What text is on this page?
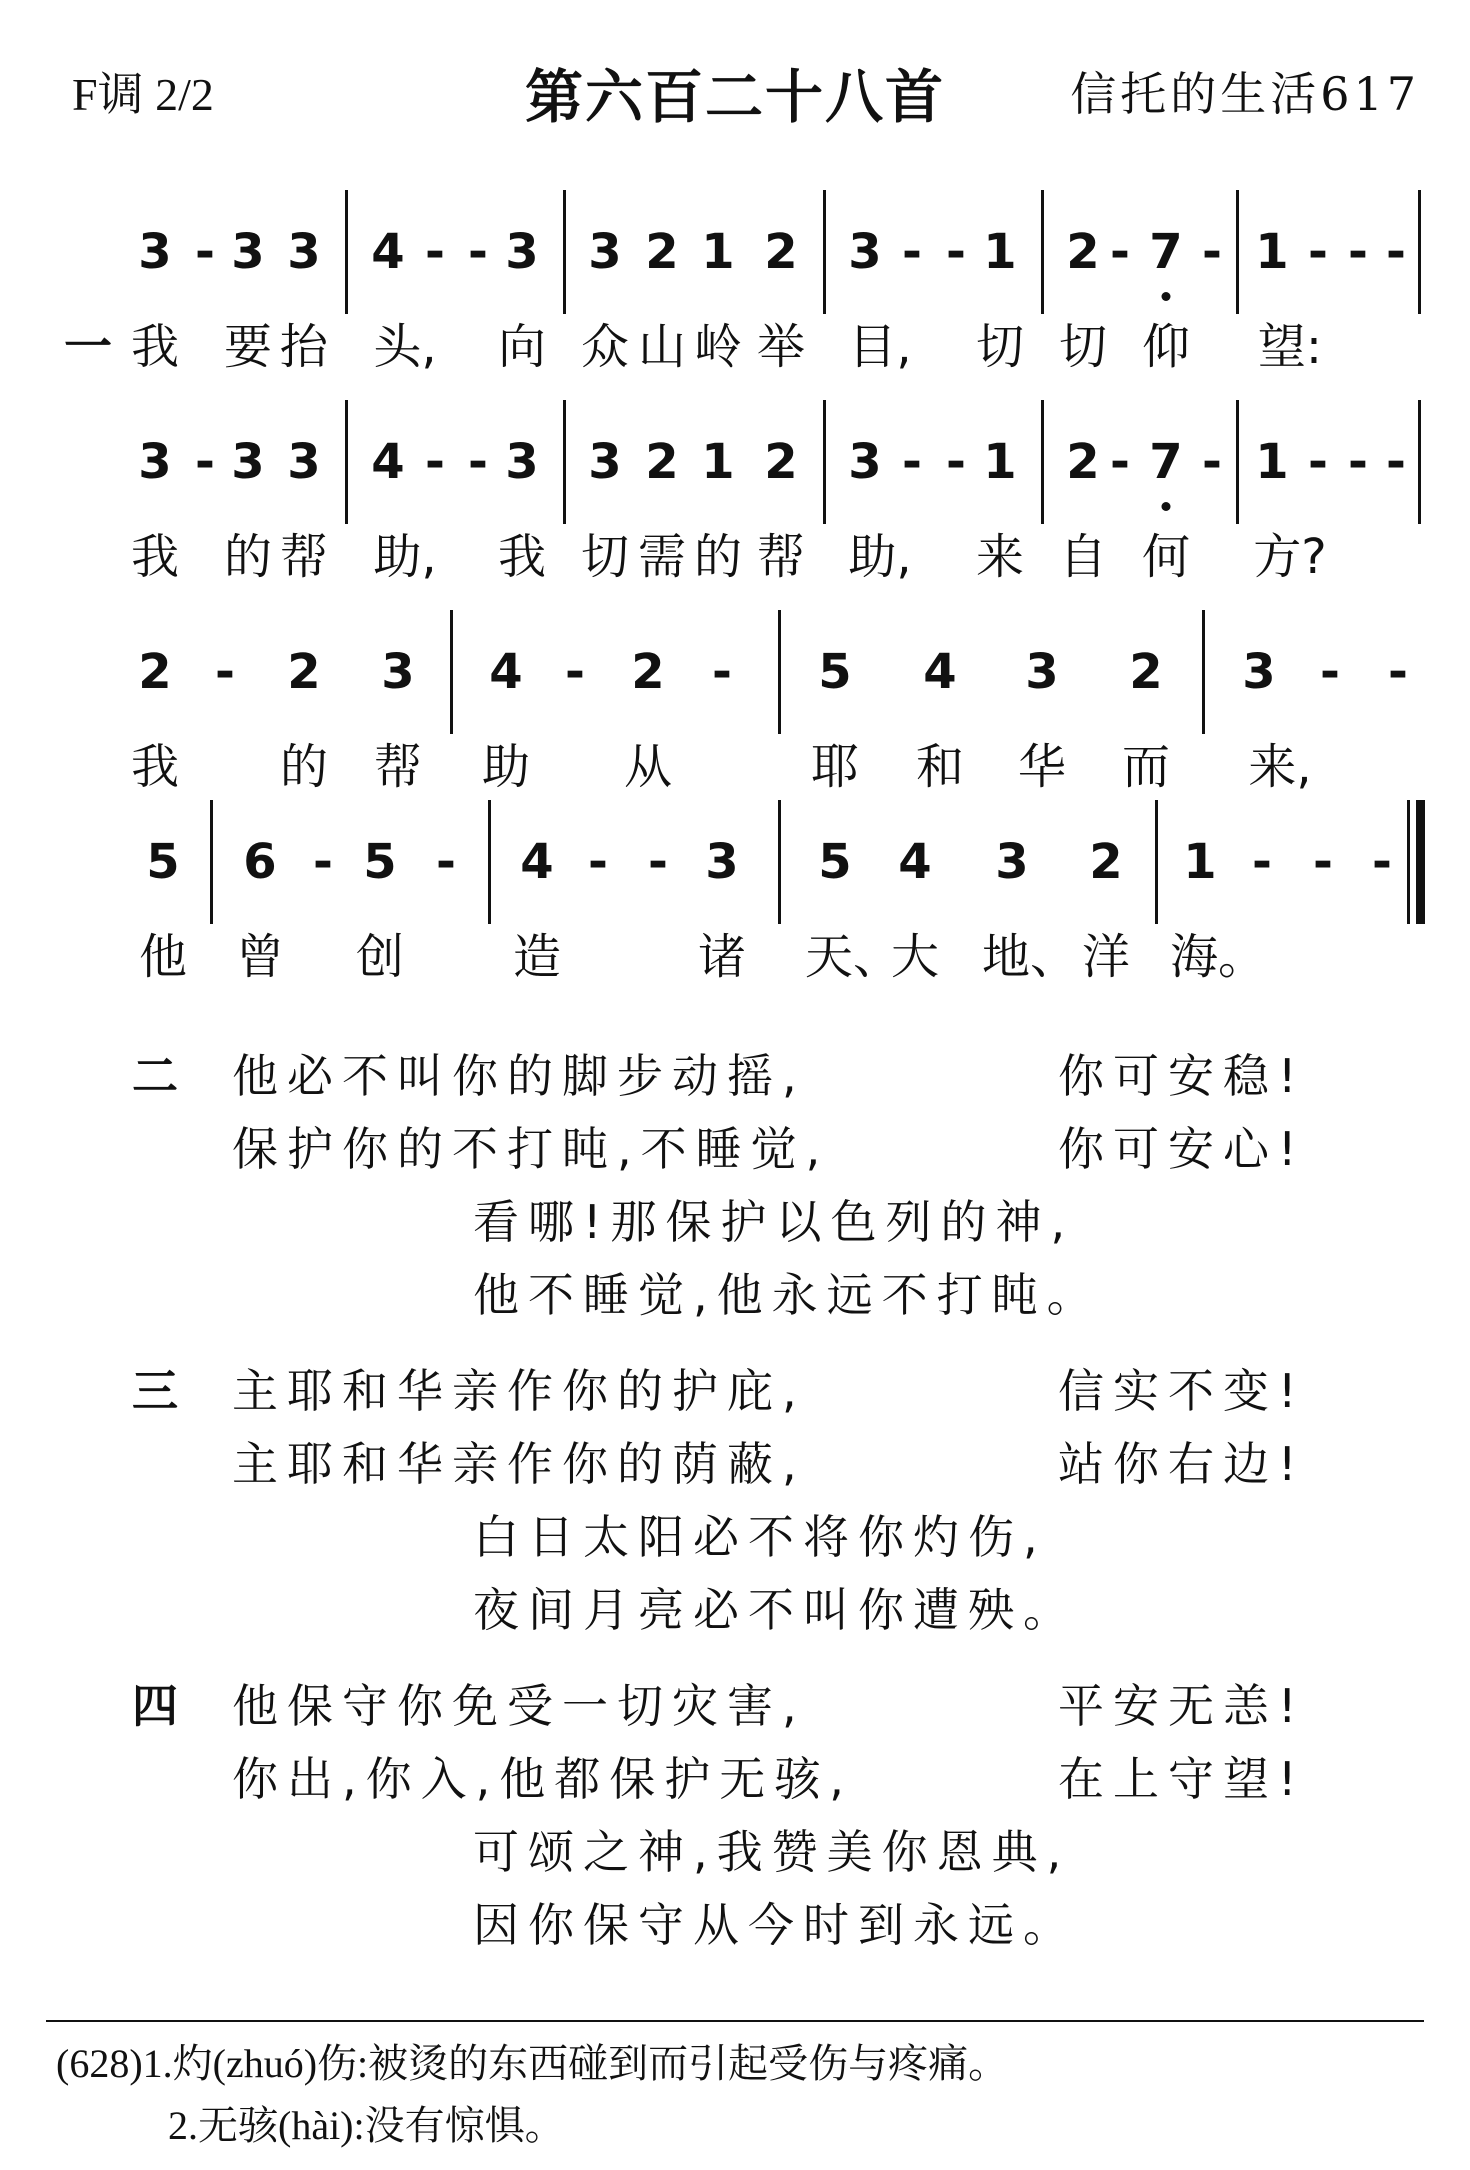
F调 2/2	第六百二十八首	信托的生活617
3 - 3 3 4 - - 3 3 2 1 2 3 - - 1 2 - 7 - 1 - - -
一 我 要 抬 头, 向 众 山 岭 举 目, 切 切 仰 望:
3 - 3 3 4 - - 3 3 2 1 2 3 - - 1 2 - 7 - 1 - - -
我 的 帮 助, 我 切 需 的 帮 助, 来 自 何 方?
2 - 2 3 4 - 2 - 5 4 3 2 3 - -
我 的 帮 助 从	耶 和 华 而 来,
5 6 - 5 - 4 - - 3 5 4 3 2 1 - - -
他 曾 创 造	诸 天、
大 地、 洋 海。
二 他必不叫你的脚步动摇,	你可安稳!
保护你的不打盹,不睡觉,	你可安心!
看哪!那保护以色列的神,
他不睡觉,他永远不打盹。
三 主耶和华亲作你的护庇,	信实不变!
主耶和华亲作你的荫蔽,	站你右边!
白日太阳必不将你灼伤,
夜间月亮必不叫你遭殃。
四 他保守你免受一切灾害,	平安无恙!
你出,你入,他都保护无骇,	在上守望!
可颂之神,我赞美你恩典,
因你保守从今时到永远。
(628)1.灼(zhuó)伤:被烫的东西碰到而引起受伤与疼痛。
2.无骇(hài):没有惊惧。
